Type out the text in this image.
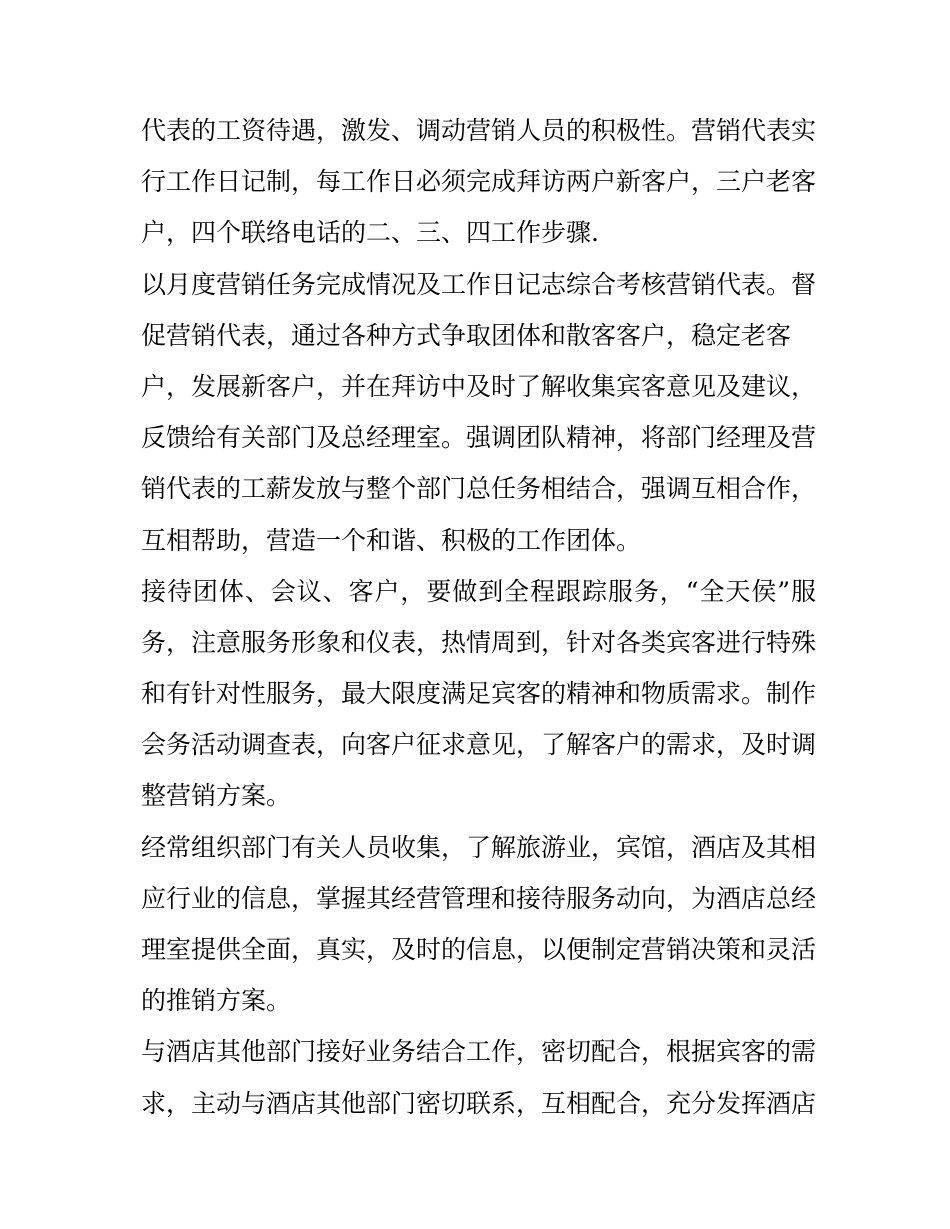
代表的工资待遇，激发、调动营销人员的积极性。营销代表实
行工作日记制，每工作日必须完成拜访两户新客户，三户老客
户，四个联络电话的二、三、四工作步骤.
以月度营销任务完成情况及工作日记志综合考核营销代表。督
促营销代表，通过各种方式争取团体和散客客户，稳定老客
户，发展新客户，并在拜访中及时了解收集宾客意见及建议，
反馈给有关部门及总经理室。强调团队精神，将部门经理及营
销代表的工薪发放与整个部门总任务相结合，强调互相合作，
互相帮助，营造一个和谐、积极的工作团体。
接待团体、会议、客户，要做到全程跟踪服务，“全天侯”服
务，注意服务形象和仪表，热情周到，针对各类宾客进行特殊
和有针对性服务，最大限度满足宾客的精神和物质需求。制作
会务活动调查表，向客户征求意见，了解客户的需求，及时调
整营销方案。
经常组织部门有关人员收集，了解旅游业，宾馆，酒店及其相
应行业的信息，掌握其经营管理和接待服务动向，为酒店总经
理室提供全面，真实，及时的信息，以便制定营销决策和灵活
的推销方案。
与酒店其他部门接好业务结合工作，密切配合，根据宾客的需
求，主动与酒店其他部门密切联系，互相配合，充分发挥酒店
